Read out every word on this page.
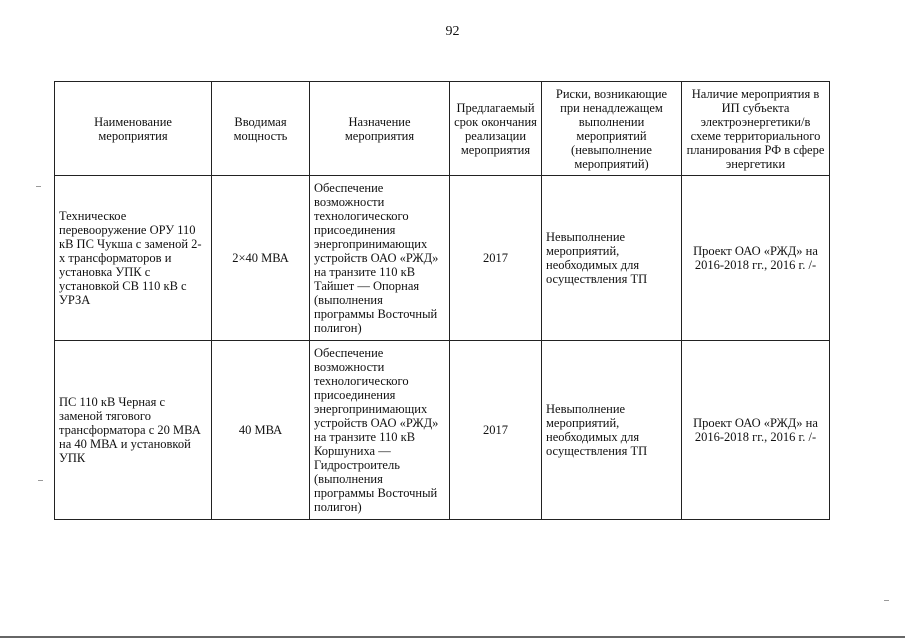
92
Наименование мероприятия	Вводимая мощность	Назначение мероприятия	Предлагаемый срок окончания реализации мероприятия	Риски, возникающие при ненадлежащем выполнении мероприятий (невыполнение мероприятий)	Наличие мероприятия в ИП субъекта электроэнергетики/в схеме территориального планирования РФ в сфере энергетики
Техническое перевооружение ОРУ 110 кВ ПС Чукша с заменой 2-х трансформаторов и установка УПК с установкой СВ 110 кВ с УРЗА	2×40 МВА	Обеспечение возможности технологического присоединения энергопринимающих устройств ОАО «РЖД» на транзите 110 кВ Тайшет — Опорная (выполнения программы Восточный полигон)	2017	Невыполнение мероприятий, необходимых для осуществления ТП	Проект ОАО «РЖД» на 2016-2018 гг., 2016 г. /-
ПС 110 кВ Черная с заменой тягового трансформатора с 20 МВА на 40 МВА и установкой УПК	40 МВА	Обеспечение возможности технологического присоединения энергопринимающих устройств ОАО «РЖД» на транзите 110 кВ Коршуниха — Гидростроитель (выполнения программы Восточный полигон)	2017	Невыполнение мероприятий, необходимых для осуществления ТП	Проект ОАО «РЖД» на 2016-2018 гг., 2016 г. /-
